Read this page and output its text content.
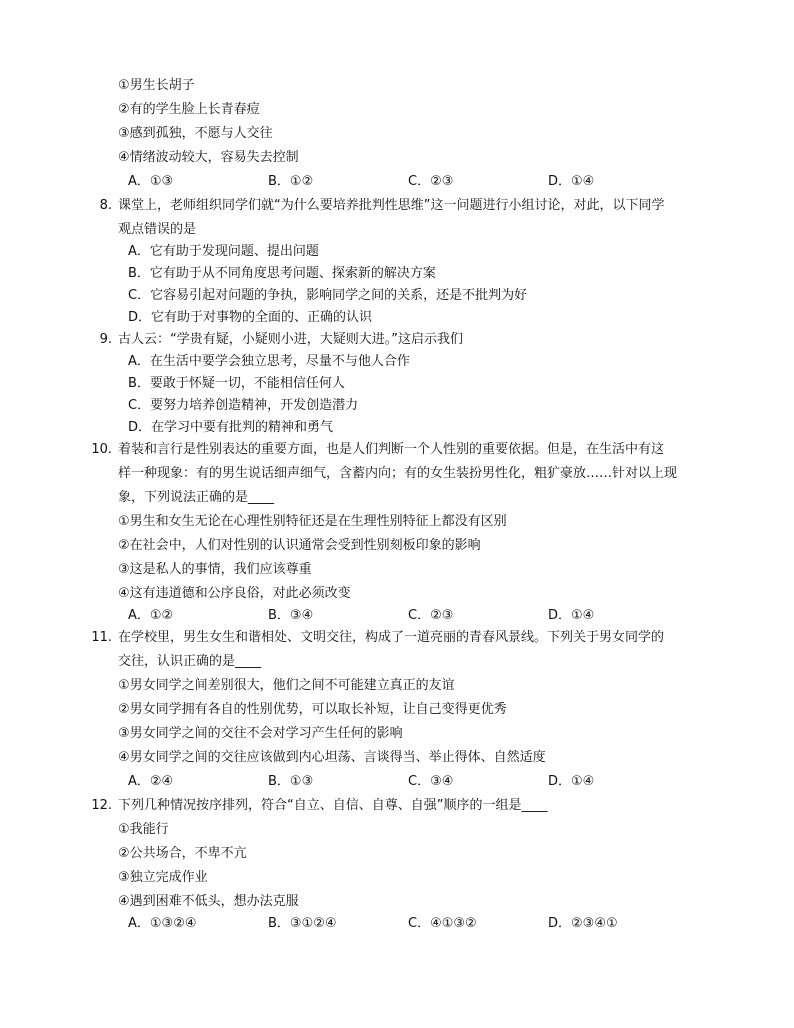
①男生长胡子
②有的学生脸上长青春痘
③感到孤独，不愿与人交往
④情绪波动较大，容易失去控制
A．①③	B．①②	C．②③	D．①④
8. 课堂上，老师组织同学们就“为什么要培养批判性思维”这一问题进行小组讨论，对此，以下同学
观点错误的是
A．它有助于发现问题、提出问题
B．它有助于从不同角度思考问题、探索新的解决方案
C．它容易引起对问题的争执，影响同学之间的关系，还是不批判为好
D．它有助于对事物的全面的、正确的认识
9. 古人云：“学贵有疑，小疑则小进，大疑则大进。”这启示我们
A．在生活中要学会独立思考，尽量不与他人合作
B．要敢于怀疑一切，不能相信任何人
C．要努力培养创造精神，开发创造潜力
D．在学习中要有批判的精神和勇气
10. 着装和言行是性别表达的重要方面，也是人们判断一个人性别的重要依据。但是，在生活中有这
样一种现象：有的男生说话细声细气，含蓄内向；有的女生装扮男性化，粗犷豪放……针对以上现
象，下列说法正确的是____
①男生和女生无论在心理性别特征还是在生理性别特征上都没有区别
②在社会中，人们对性别的认识通常会受到性别刻板印象的影响
③这是私人的事情，我们应该尊重
④这有违道德和公序良俗，对此必须改变
A．①②	B．③④	C．②③	D．①④
11. 在学校里，男生女生和谐相处、文明交往，构成了一道亮丽的青春风景线。下列关于男女同学的
交往，认识正确的是____
①男女同学之间差别很大，他们之间不可能建立真正的友谊
②男女同学拥有各自的性别优势，可以取长补短，让自己变得更优秀
③男女同学之间的交往不会对学习产生任何的影响
④男女同学之间的交往应该做到内心坦荡、言谈得当、举止得体、自然适度
A．②④	B．①③	C．③④	D．①④
12. 下列几种情况按序排列，符合“自立、自信、自尊、自强”顺序的一组是____
①我能行
②公共场合，不卑不亢
③独立完成作业
④遇到困难不低头，想办法克服
A．①③②④	B．③①②④	C．④①③②	D．②③④①
